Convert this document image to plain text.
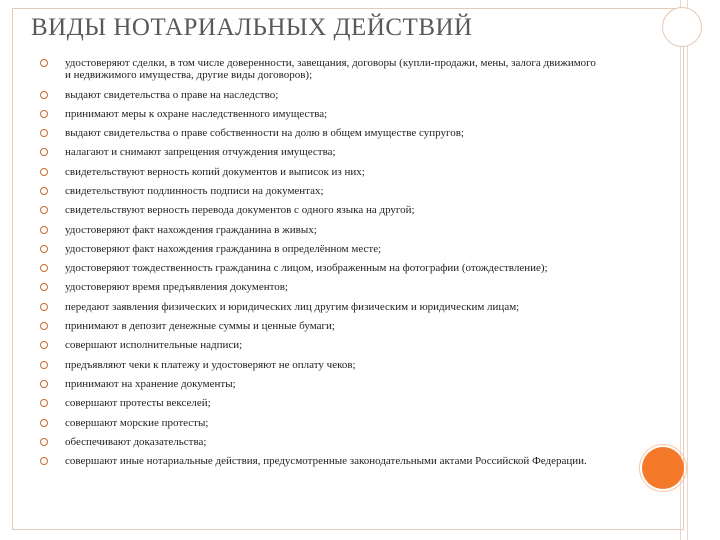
ВИДЫ НОТАРИАЛЬНЫХ ДЕЙСТВИЙ
удостоверяют сделки, в том числе доверенности, завещания, договоры (купли-продажи, мены, залога движимого и недвижимого имущества, другие виды договоров);
выдают свидетельства о праве на наследство;
принимают меры к охране наследственного имущества;
выдают свидетельства о праве собственности на долю в общем имуществе супругов;
налагают и снимают запрещения отчуждения имущества;
свидетельствуют верность копий документов и выписок из них;
свидетельствуют подлинность подписи на документах;
свидетельствуют верность перевода документов с одного языка на другой;
удостоверяют факт нахождения гражданина в живых;
удостоверяют факт нахождения гражданина в определённом месте;
удостоверяют тождественность гражданина с лицом, изображенным на фотографии (отождествление);
удостоверяют время предъявления документов;
передают заявления физических и юридических лиц другим физическим и юридическим лицам;
принимают в депозит денежные суммы и ценные бумаги;
совершают исполнительные надписи;
предъявляют чеки к платежу и удостоверяют не оплату чеков;
принимают на хранение документы;
совершают протесты векселей;
совершают морские протесты;
обеспечивают доказательства;
совершают иные нотариальные действия, предусмотренные законодательными актами Российской Федерации.
